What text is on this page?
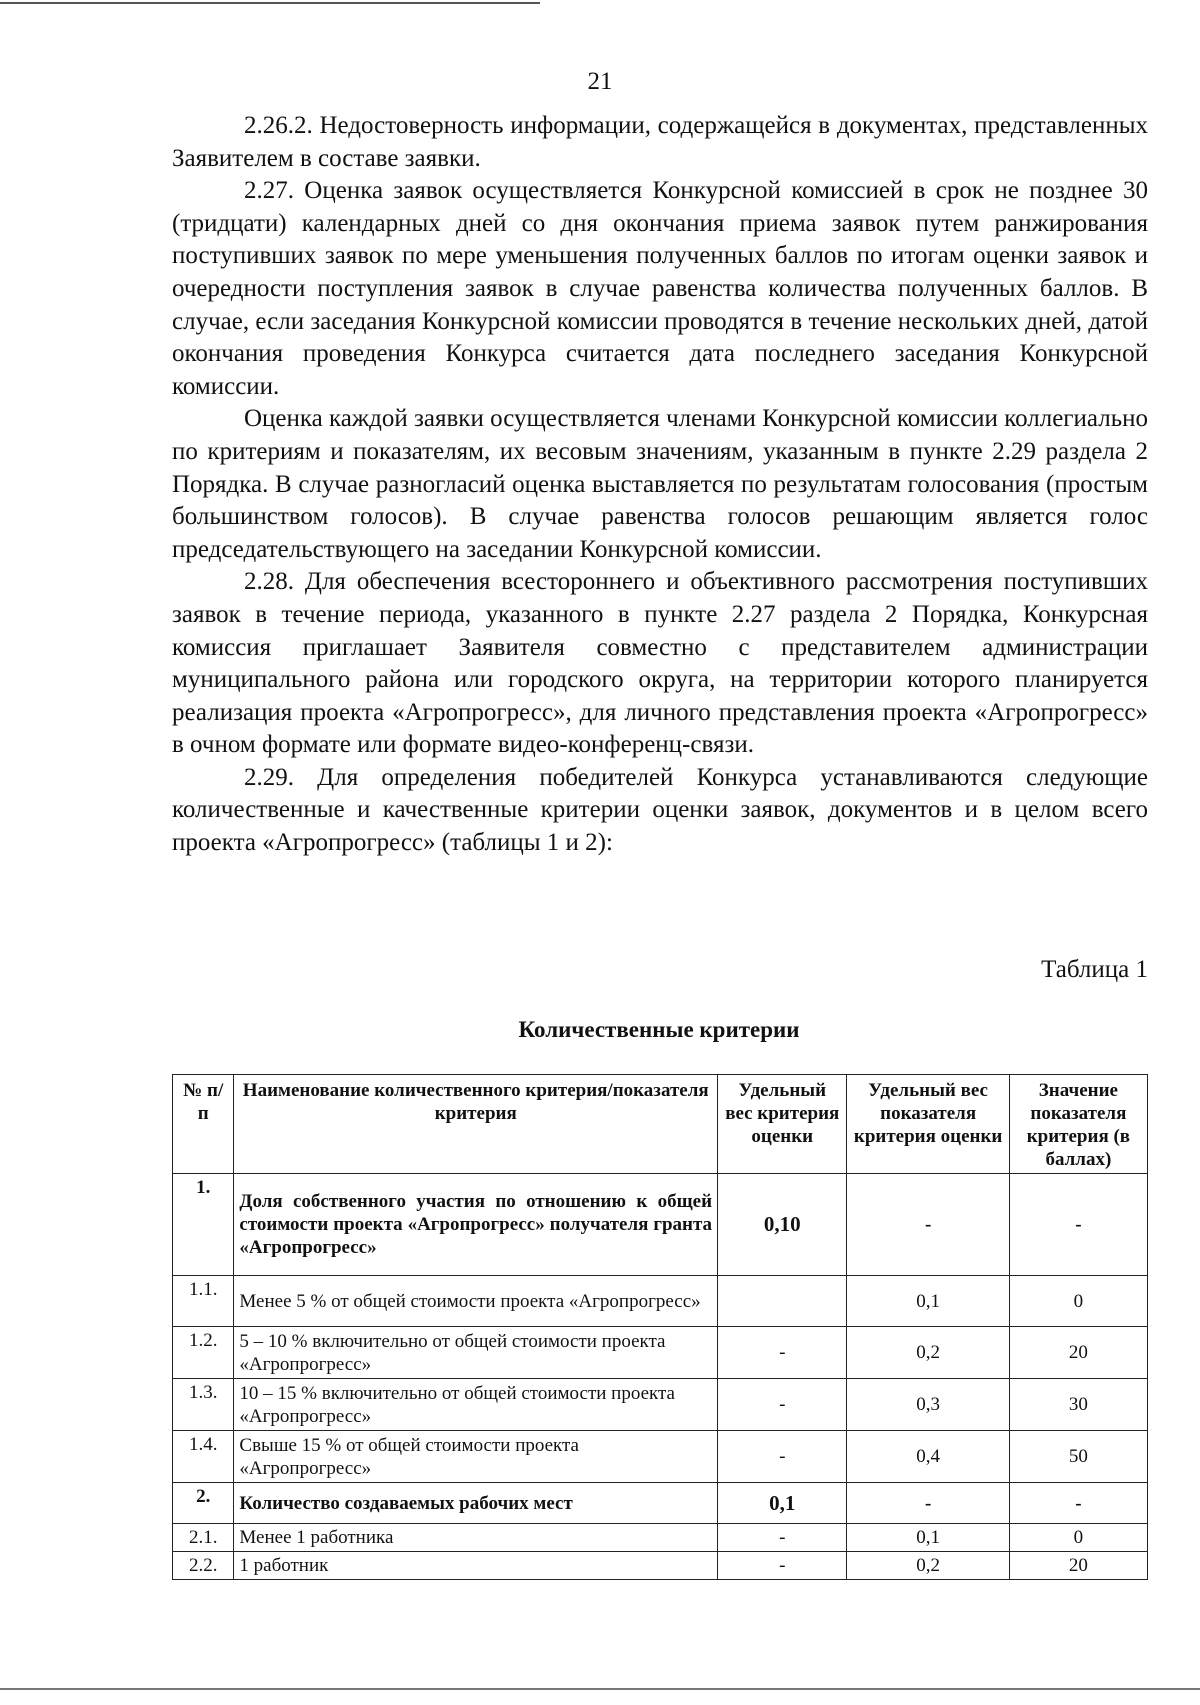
21

2.26.2. Недостоверность информации, содержащейся в документах, представленных Заявителем в составе заявки.

2.27. Оценка заявок осуществляется Конкурсной комиссией в срок не позднее 30 (тридцати) календарных дней со дня окончания приема заявок путем ранжирования поступивших заявок по мере уменьшения полученных баллов по итогам оценки заявок и очередности поступления заявок в случае равенства количества полученных баллов. В случае, если заседания Конкурсной комиссии проводятся в течение нескольких дней, датой окончания проведения Конкурса считается дата последнего заседания Конкурсной комиссии.

Оценка каждой заявки осуществляется членами Конкурсной комиссии коллегиально по критериям и показателям, их весовым значениям, указанным в пункте 2.29 раздела 2 Порядка. В случае разногласий оценка выставляется по результатам голосования (простым большинством голосов). В случае равенства голосов решающим является голос председательствующего на заседании Конкурсной комиссии.

2.28. Для обеспечения всестороннего и объективного рассмотрения поступивших заявок в течение периода, указанного в пункте 2.27 раздела 2 Порядка, Конкурсная комиссия приглашает Заявителя совместно с представителем администрации муниципального района или городского округа, на территории которого планируется реализация проекта «Агропрогресс», для личного представления проекта «Агропрогресс» в очном формате или формате видео-конференц-связи.

2.29. Для определения победителей Конкурса устанавливаются следующие количественные и качественные критерии оценки заявок, документов и в целом всего проекта «Агропрогресс» (таблицы 1 и 2):

Таблица 1
Количественные критерии
№ п/п	Наименование количественного критерия/показателя критерия	Удельный вес критерия оценки	Удельный вес показателя критерия оценки	Значение показателя критерия (в баллах)
1.	Доля собственного участия по отношению к общей стоимости проекта «Агропрогресс» получателя гранта «Агропрогресс»	0,10	-	-
1.1.	Менее 5 % от общей стоимости проекта «Агропрогресс»		0,1	0
1.2.	5 – 10 % включительно от общей стоимости проекта «Агропрогресс»	-	0,2	20
1.3.	10 – 15 % включительно от общей стоимости проекта «Агропрогресс»	-	0,3	30
1.4.	Свыше 15 % от общей стоимости проекта «Агропрогресс»	-	0,4	50
2.	Количество создаваемых рабочих мест	0,1	-	-
2.1.	Менее 1 работника	-	0,1	0
2.2.	1 работник	-	0,2	20
